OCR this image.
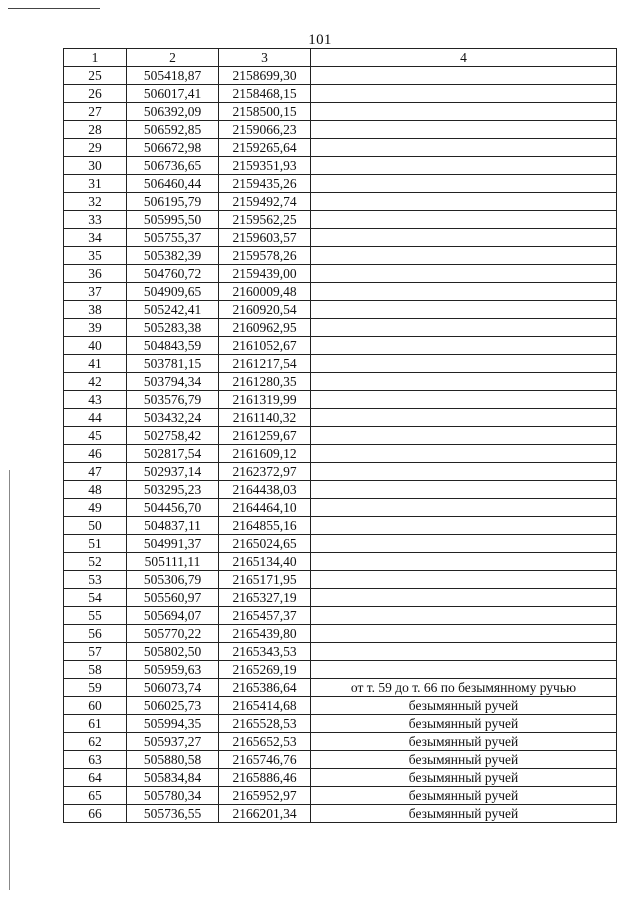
101
1	2	3	4
25	505418,87	2158699,30	
26	506017,41	2158468,15	
27	506392,09	2158500,15	
28	506592,85	2159066,23	
29	506672,98	2159265,64	
30	506736,65	2159351,93	
31	506460,44	2159435,26	
32	506195,79	2159492,74	
33	505995,50	2159562,25	
34	505755,37	2159603,57	
35	505382,39	2159578,26	
36	504760,72	2159439,00	
37	504909,65	2160009,48	
38	505242,41	2160920,54	
39	505283,38	2160962,95	
40	504843,59	2161052,67	
41	503781,15	2161217,54	
42	503794,34	2161280,35	
43	503576,79	2161319,99	
44	503432,24	2161140,32	
45	502758,42	2161259,67	
46	502817,54	2161609,12	
47	502937,14	2162372,97	
48	503295,23	2164438,03	
49	504456,70	2164464,10	
50	504837,11	2164855,16	
51	504991,37	2165024,65	
52	505111,11	2165134,40	
53	505306,79	2165171,95	
54	505560,97	2165327,19	
55	505694,07	2165457,37	
56	505770,22	2165439,80	
57	505802,50	2165343,53	
58	505959,63	2165269,19	
59	506073,74	2165386,64	от т. 59 до т. 66 по безымянному ручью
60	506025,73	2165414,68	безымянный ручей
61	505994,35	2165528,53	безымянный ручей
62	505937,27	2165652,53	безымянный ручей
63	505880,58	2165746,76	безымянный ручей
64	505834,84	2165886,46	безымянный ручей
65	505780,34	2165952,97	безымянный ручей
66	505736,55	2166201,34	безымянный ручей
